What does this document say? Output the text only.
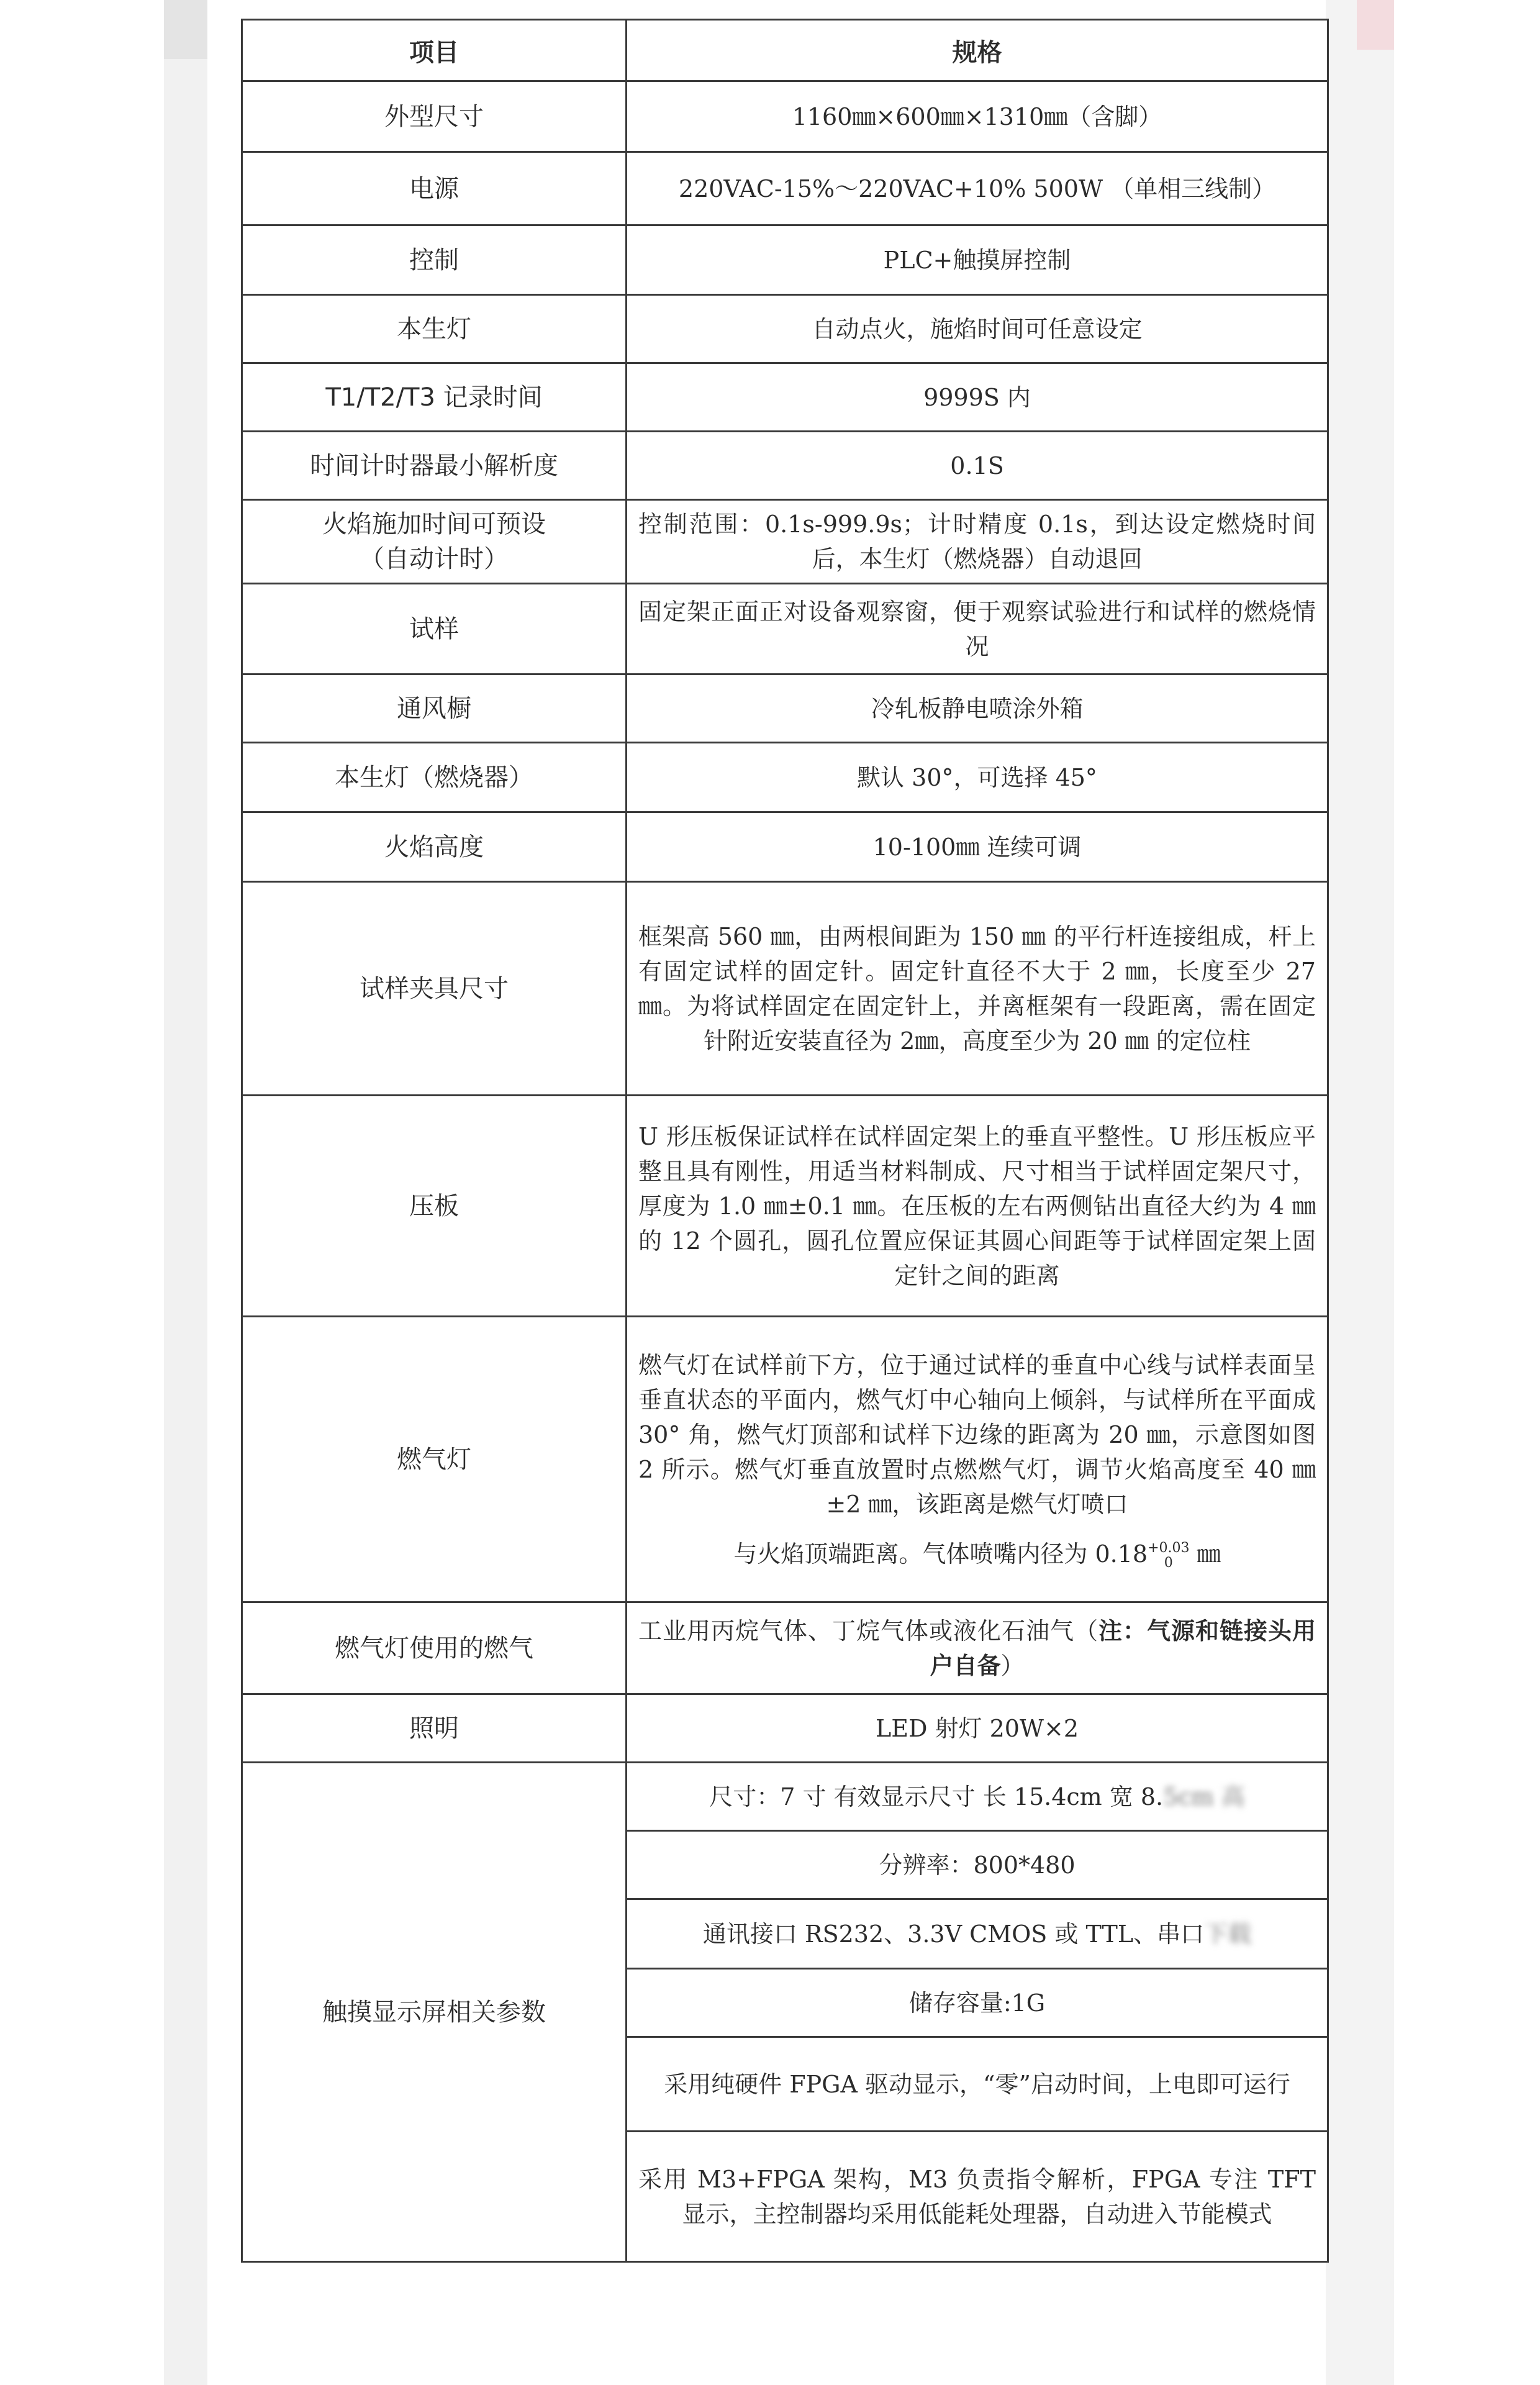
项目	规格
外型尺寸	1160㎜×600㎜×1310㎜（含脚）
电源	220VAC-15%～220VAC+10% 500W （单相三线制）
控制	PLC+触摸屏控制
本生灯	自动点火，施焰时间可任意设定
T1/T2/T3 记录时间	9999S 内
时间计时器最小解析度	0.1S

火焰施加时间可预设
（自动计时）	控制范围：0.1s-999.9s；计时精度 0.1s，到达设定燃烧时间后，本生灯（燃烧器）自动退回
试样	固定架正面正对设备观察窗，便于观察试验进行和试样的燃烧情况
通风橱	冷轧板静电喷涂外箱
本生灯（燃烧器）	默认 30°，可选择 45°
火焰高度	10-100㎜ 连续可调
试样夹具尺寸	框架高 560 ㎜，由两根间距为 150 ㎜ 的平行杆连接组成，杆上有固定试样的固定针。固定针直径不大于 2 ㎜，长度至少 27 ㎜。为将试样固定在固定针上，并离框架有一段距离，需在固定针附近安装直径为 2㎜，高度至少为 20 ㎜ 的定位柱
压板	U 形压板保证试样在试样固定架上的垂直平整性。U 形压板应平整且具有刚性，用适当材料制成、尺寸相当于试样固定架尺寸，厚度为 1.0 ㎜±0.1 ㎜。在压板的左右两侧钻出直径大约为 4 ㎜ 的 12 个圆孔，圆孔位置应保证其圆心间距等于试样固定架上固定针之间的距离
燃气灯	燃气灯在试样前下方，位于通过试样的垂直中心线与试样表面呈垂直状态的平面内，燃气灯中心轴向上倾斜，与试样所在平面成 30° 角，燃气灯顶部和试样下边缘的距离为 20 ㎜，示意图如图 2 所示。燃气灯垂直放置时点燃燃气灯，调节火焰高度至 40 ㎜±2 ㎜，该距离是燃气灯喷口
与火焰顶端距离。气体喷嘴内径为 0.18 +0.03
0 ㎜

燃气灯使用的燃气	工业用丙烷气体、丁烷气体或液化石油气（注：气源和链接头用户自备）
照明	LED 射灯 20W×2
触摸显示屏相关参数	尺寸：7 寸 有效显示尺寸 长 15.4cm 宽 8.5cm 高
	分辨率：800*480
	通讯接口 RS232、3.3V CMOS 或 TTL、串口下载
	储存容量:1G
	采用纯硬件 FPGA 驱动显示，“零”启动时间，上电即可运行
	采用 M3+FPGA 架构，M3 负责指令解析，FPGA 专注 TFT 显示，主控制器均采用低能耗处理器，自动进入节能模式
